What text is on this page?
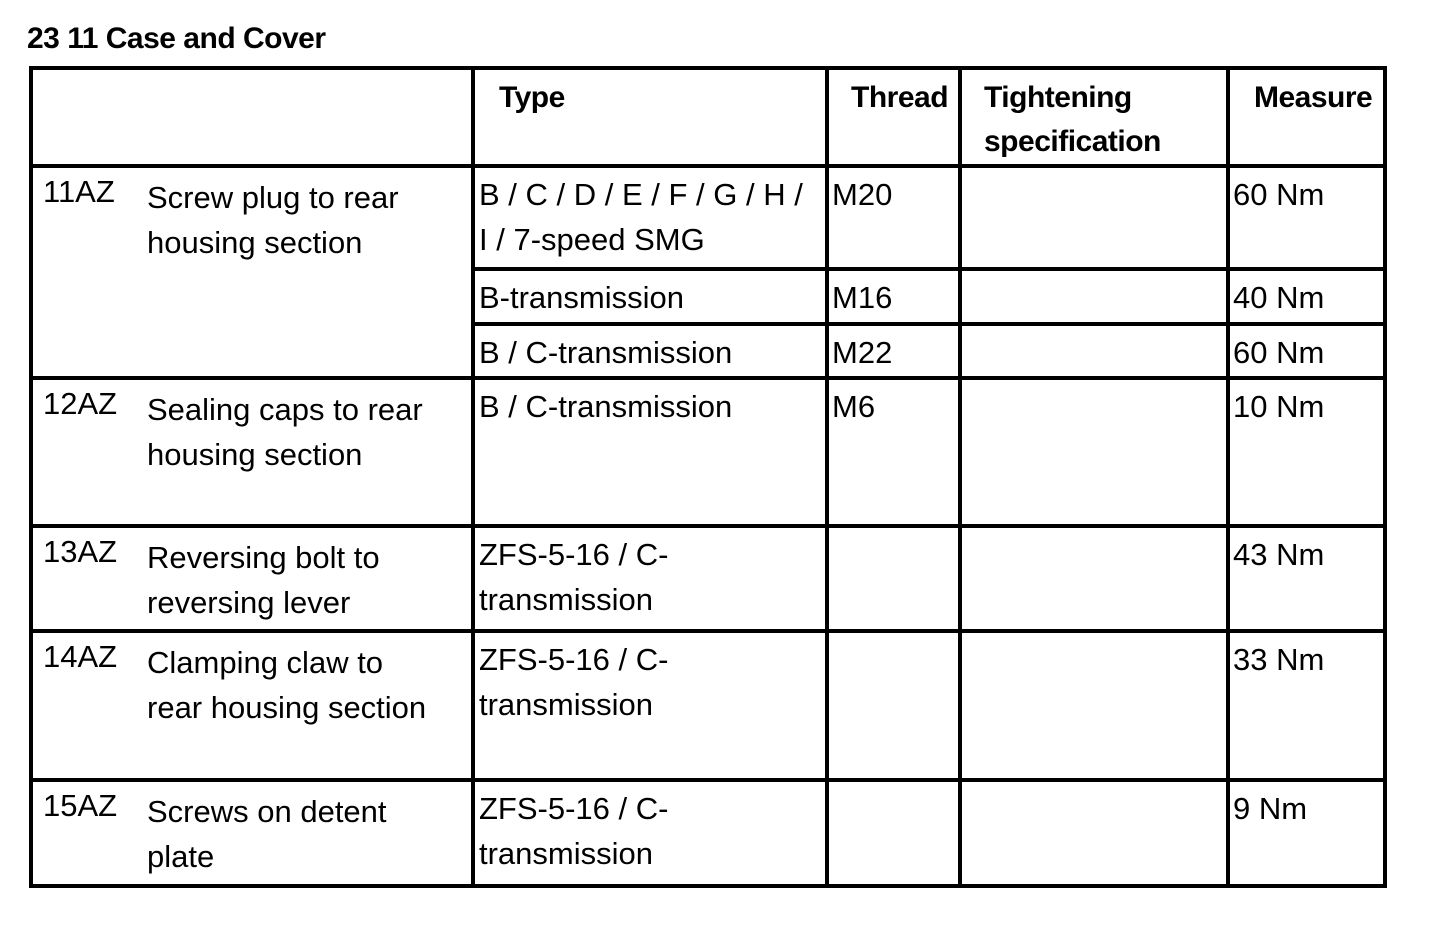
23 11 Case and Cover
	Type	Thread	Tightening specification	Measure

11AZ Screw plug to rear housing section	B / C / D / E / F / G / H / I / 7-speed SMG	M20		60 Nm
	B-transmission	M16		40 Nm
	B / C-transmission	M22		60 Nm

12AZ Sealing caps to rear housing section	B / C-transmission	M6		10 Nm

13AZ Reversing bolt to reversing lever	ZFS-5-16 / C-transmission			43 Nm

14AZ Clamping claw to rear housing section	ZFS-5-16 / C-transmission			33 Nm

15AZ Screws on detent plate	ZFS-5-16 / C-transmission			9 Nm
